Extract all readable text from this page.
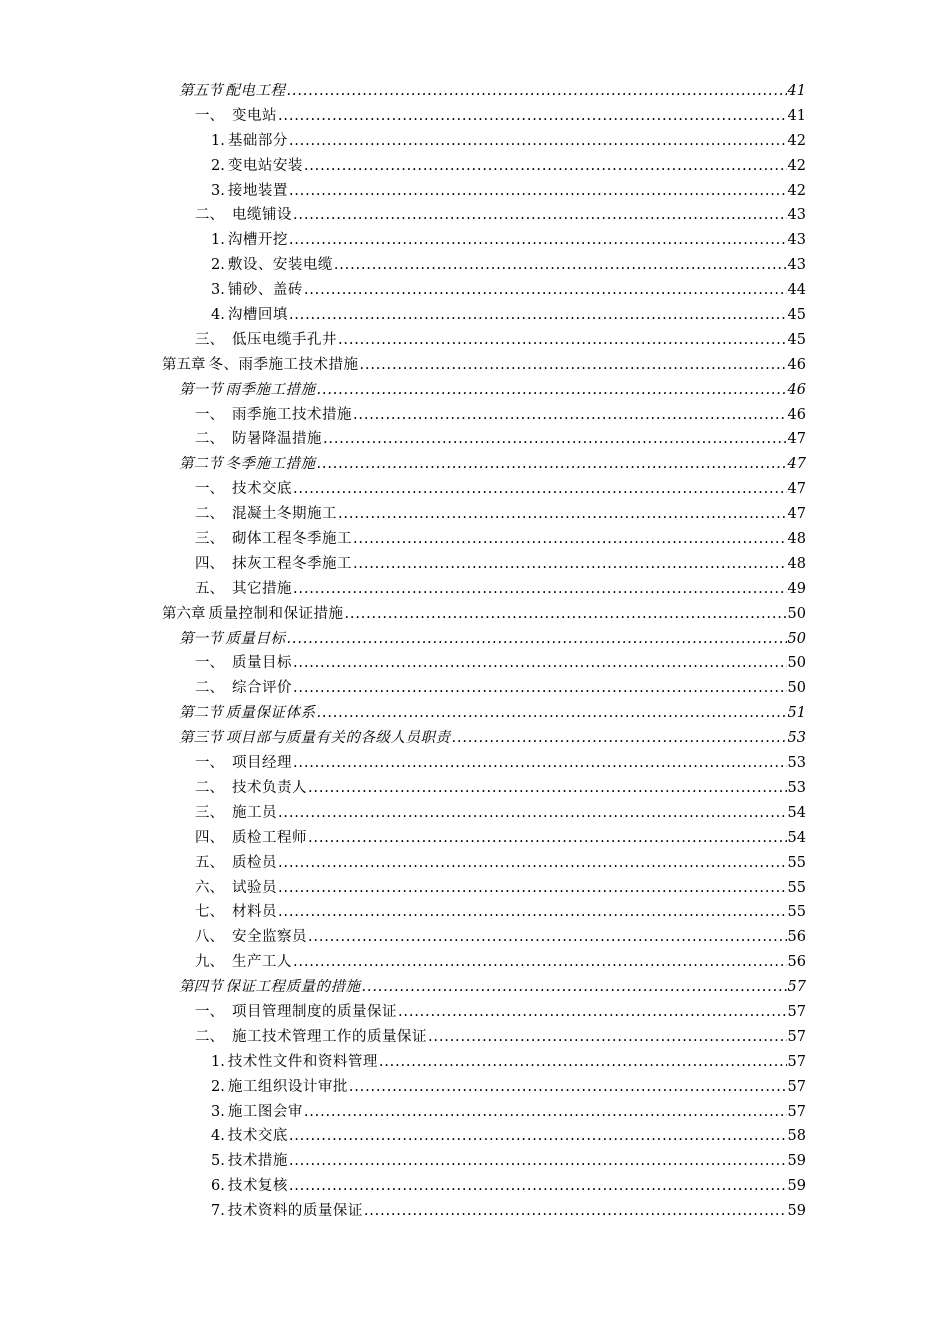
第五节 配电工程 .....	41
一、 变电站 .....	41
1. 基础部分 .....	42
2. 变电站安装 .....	42
3. 接地装置 .....	42
二、 电缆铺设 .....	43
1. 沟槽开挖 .....	43
2. 敷设、安装电缆 .....	43
3. 铺砂、盖砖 .....	44
4. 沟槽回填 .....	45
三、 低压电缆手孔井 .....	45
第五章 冬、雨季施工技术措施 .....	46
第一节 雨季施工措施 .....	46
一、 雨季施工技术措施 .....	46
二、 防暑降温措施 .....	47
第二节 冬季施工措施 .....	47
一、 技术交底 .....	47
二、 混凝土冬期施工 .....	47
三、 砌体工程冬季施工 .....	48
四、 抹灰工程冬季施工 .....	48
五、 其它措施 .....	49
第六章 质量控制和保证措施 .....	50
第一节 质量目标 .....	50
一、 质量目标 .....	50
二、 综合评价 .....	50
第二节 质量保证体系 .....	51
第三节 项目部与质量有关的各级人员职责 .....	53
一、 项目经理 .....	53
二、 技术负责人 .....	53
三、 施工员 .....	54
四、 质检工程师 .....	54
五、 质检员 .....	55
六、 试验员 .....	55
七、 材料员 .....	55
八、 安全监察员 .....	56
九、 生产工人 .....	56
第四节 保证工程质量的措施 .....	57
一、 项目管理制度的质量保证 .....	57
二、 施工技术管理工作的质量保证 .....	57
1. 技术性文件和资料管理 .....	57
2. 施工组织设计审批 .....	57
3. 施工图会审 .....	57
4. 技术交底 .....	58
5. 技术措施 .....	59
6. 技术复核 .....	59
7. 技术资料的质量保证 .....	59
